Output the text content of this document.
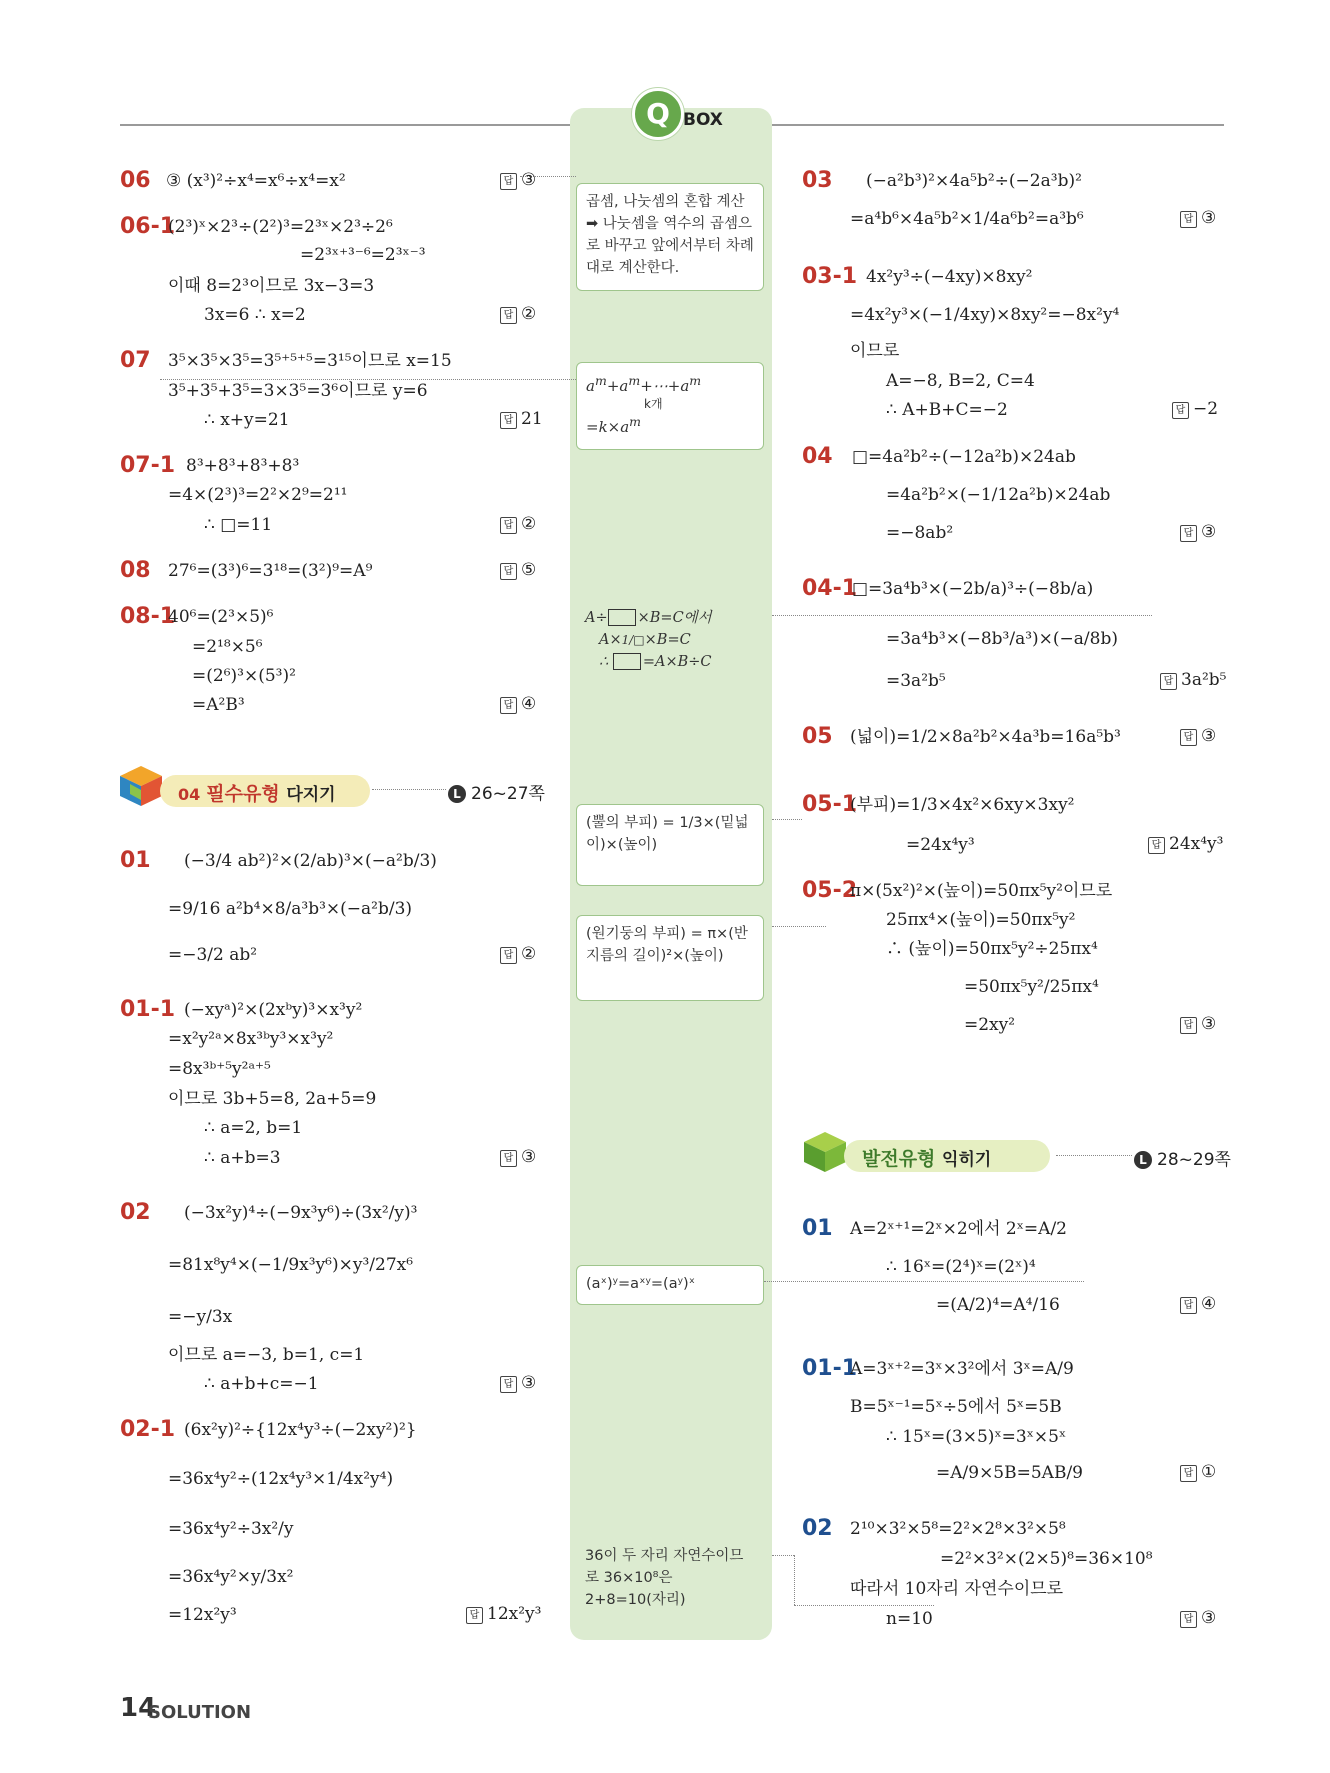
Q BOX
곱셈, 나눗셈의 혼합 계산 ➡ 나눗셈을 역수의 곱셈으로 바꾸고 앞에서부터 차례대로 계산한다.
$a^m+a^m+\cdots+a^m$
k개
$=k\times a^m$
A÷ ×B=C에서
A×1/□×B=C
∴ =A×B÷C
(뿔의 부피) = 1/3×(밑넓이)×(높이)
(원기둥의 부피) = π×(반지름의 길이)²×(높이)
(aˣ)ʸ=aˣʸ=(aʸ)ˣ
36이 두 자리 자연수이므로 36×10⁸은 2+8=10(자리)
06 ③ (x³)²÷x⁴=x⁶÷x⁴=x²	답 ③
06-1
(2³)ˣ×2³÷(2²)³=2³ˣ×2³÷2⁶
=2³ˣ⁺³⁻⁶=2³ˣ⁻³
이때 8=2³이므로 3x−3=3
3x=6 ∴ x=2	답 ②
07 3⁵×3⁵×3⁵=3⁵⁺⁵⁺⁵=3¹⁵이므로 x=15
3⁵+3⁵+3⁵=3×3⁵=3⁶이므로 y=6
∴ x+y=21	답 21
07-1 8³+8³+8³+8³
=4×(2³)³=2²×2⁹=2¹¹
∴ □=11	답 ②
08 27⁶=(3³)⁶=3¹⁸=(3²)⁹=A⁹	답 ⑤
08-1
40⁶=(2³×5)⁶
=2¹⁸×5⁶
=(2⁶)³×(5³)²
=A²B³	답 ④
04 필수유형 다지기	L 26~27쪽
01 (−3/4 ab²)²×(2/ab)³×(−a²b/3)
=9/16 a²b⁴×8/a³b³×(−a²b/3)
=−3/2 ab²	답 ②
01-1 (−xyᵃ)²×(2xᵇy)³×x³y²
=x²y²ᵃ×8x³ᵇy³×x³y²
=8x³ᵇ⁺⁵y²ᵃ⁺⁵
이므로 3b+5=8, 2a+5=9
∴ a=2, b=1
∴ a+b=3	답 ③
02 (−3x²y)⁴÷(−9x³y⁶)÷(3x²/y)³
=81x⁸y⁴×(−1/9x³y⁶)×y³/27x⁶
=−y/3x
이므로 a=−3, b=1, c=1
∴ a+b+c=−1	답 ③
02-1 (6x²y)²÷{12x⁴y³÷(−2xy²)²}
=36x⁴y²÷(12x⁴y³×1/4x²y⁴)
=36x⁴y²÷3x²/y
=36x⁴y²×y/3x²
=12x²y³	답 12x²y³
03 (−a²b³)²×4a⁵b²÷(−2a³b)²
=a⁴b⁶×4a⁵b²×1/4a⁶b²=a³b⁶	답 ③
03-1 4x²y³÷(−4xy)×8xy²
=4x²y³×(−1/4xy)×8xy²=−8x²y⁴
이므로
A=−8, B=2, C=4
∴ A+B+C=−2	답 −2
04 □=4a²b²÷(−12a²b)×24ab
=4a²b²×(−1/12a²b)×24ab
=−8ab²	답 ③
04-1
□=3a⁴b³×(−2b/a)³÷(−8b/a)
=3a⁴b³×(−8b³/a³)×(−a/8b)
=3a²b⁵	답 3a²b⁵
05 (넓이)=1/2×8a²b²×4a³b=16a⁵b³	답 ③
05-1
(부피)=1/3×4x²×6xy×3xy²
=24x⁴y³	답 24x⁴y³
05-2
π×(5x²)²×(높이)=50πx⁵y²이므로
25πx⁴×(높이)=50πx⁵y²
∴ (높이)=50πx⁵y²÷25πx⁴
=50πx⁵y²/25πx⁴
=2xy²	답 ③
발전유형 익히기	L 28~29쪽
01 A=2ˣ⁺¹=2ˣ×2에서 2ˣ=A/2
∴ 16ˣ=(2⁴)ˣ=(2ˣ)⁴
=(A/2)⁴=A⁴/16	답 ④
01-1
A=3ˣ⁺²=3ˣ×3²에서 3ˣ=A/9
B=5ˣ⁻¹=5ˣ÷5에서 5ˣ=5B
∴ 15ˣ=(3×5)ˣ=3ˣ×5ˣ
=A/9×5B=5AB/9	답 ①
02 2¹⁰×3²×5⁸=2²×2⁸×3²×5⁸
=2²×3²×(2×5)⁸=36×10⁸
따라서 10자리 자연수이므로
n=10	답 ③
14
SOLUTION
